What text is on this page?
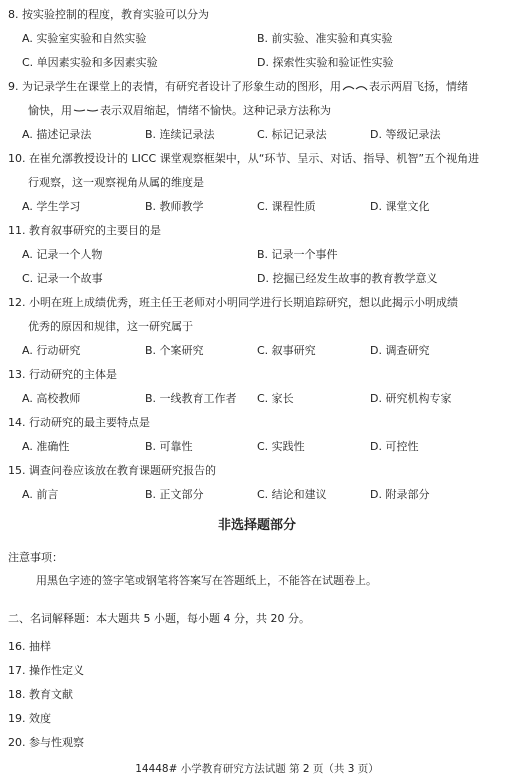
8. 按实验控制的程度，教育实验可以分为
A. 实验室实验和自然实验	B. 前实验、准实验和真实验
C. 单因素实验和多因素实验	D. 探索性实验和验证性实验
9. 为记录学生在课堂上的表情，有研究者设计了形象生动的图形，用	表示两眉飞扬，情绪
愉快，用	表示双眉缩起，情绪不愉快。这种记录方法称为
A. 描述记录法	B. 连续记录法	C. 标记记录法	D. 等级记录法
10. 在崔允漷教授设计的 LICC 课堂观察框架中，从“环节、呈示、对话、指导、机智”五个视角进
行观察，这一观察视角从属的维度是
A. 学生学习	B. 教师教学	C. 课程性质	D. 课堂文化
11. 教育叙事研究的主要目的是
A. 记录一个人物	B. 记录一个事件
C. 记录一个故事	D. 挖掘已经发生故事的教育教学意义
12. 小明在班上成绩优秀，班主任王老师对小明同学进行长期追踪研究，想以此揭示小明成绩
优秀的原因和规律，这一研究属于
A. 行动研究	B. 个案研究	C. 叙事研究	D. 调查研究
13. 行动研究的主体是
A. 高校教师	B. 一线教育工作者 C. 家长	D. 研究机构专家
14. 行动研究的最主要特点是
A. 准确性	B. 可靠性	C. 实践性	D. 可控性
15. 调查问卷应该放在教育课题研究报告的
A. 前言	B. 正文部分	C. 结论和建议	D. 附录部分
非选择题部分
注意事项：
用黑色字迹的签字笔或钢笔将答案写在答题纸上，不能答在试题卷上。
二、名词解释题：本大题共 5 小题，每小题 4 分，共 20 分。
16. 抽样
17. 操作性定义
18. 教育文献
19. 效度
20. 参与性观察
14448# 小学教育研究方法试题 第 2 页（共 3 页）
